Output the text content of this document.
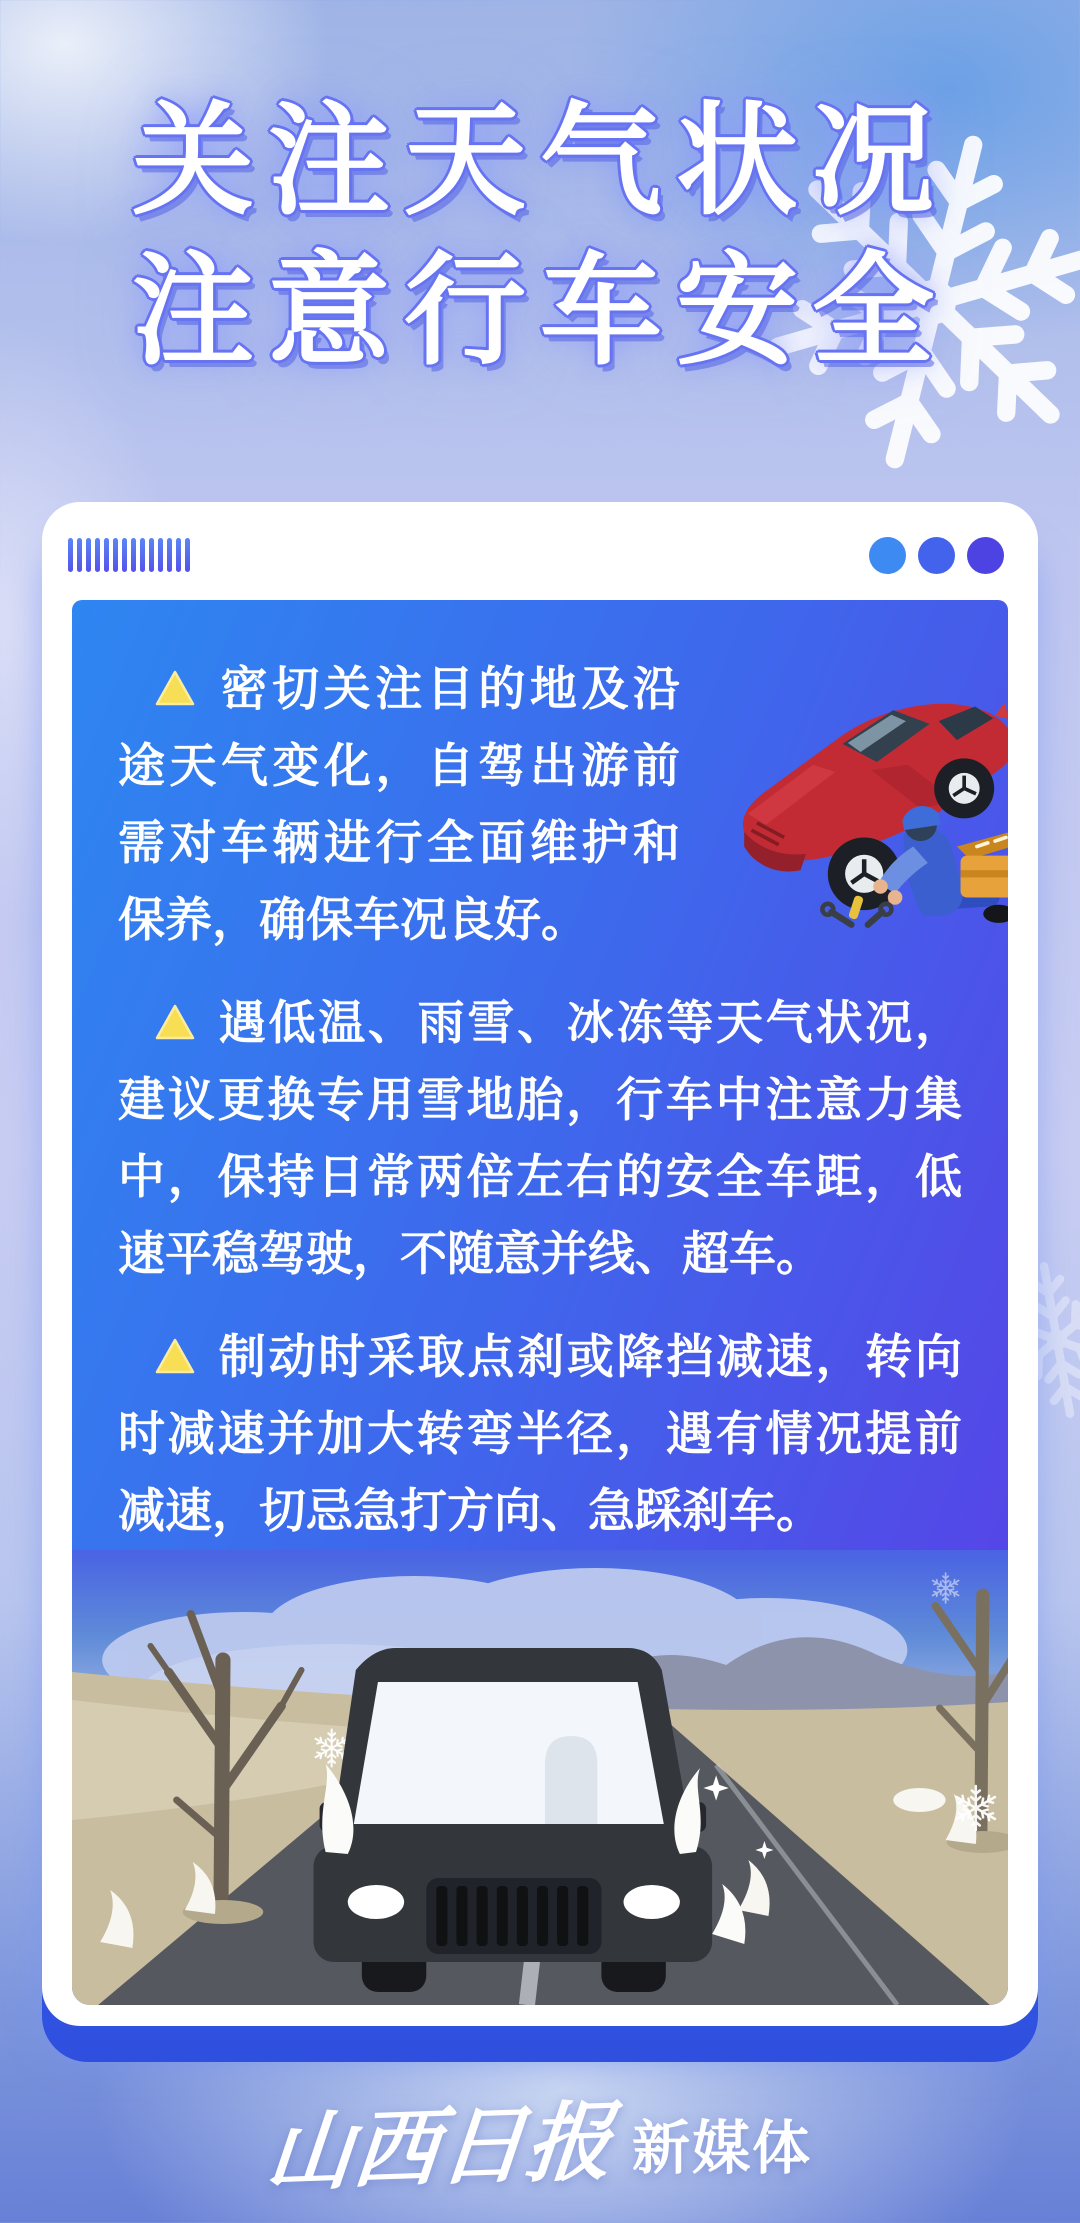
关注天气状况
注意行车安全

密切关注目的地及沿途天气变化，自驾出游前需对车辆进行全面维护和保养，确保车况良好。

遇低温、雨雪、冰冻等天气状况，建议更换专用雪地胎，行车中注意力集中，保持日常两倍左右的安全车距，低速平稳驾驶，不随意并线、超车。

制动时采取点刹或降挡减速，转向时减速并加大转弯半径，遇有情况提前减速，切忌急打方向、急踩刹车。

山西日报 新媒体
